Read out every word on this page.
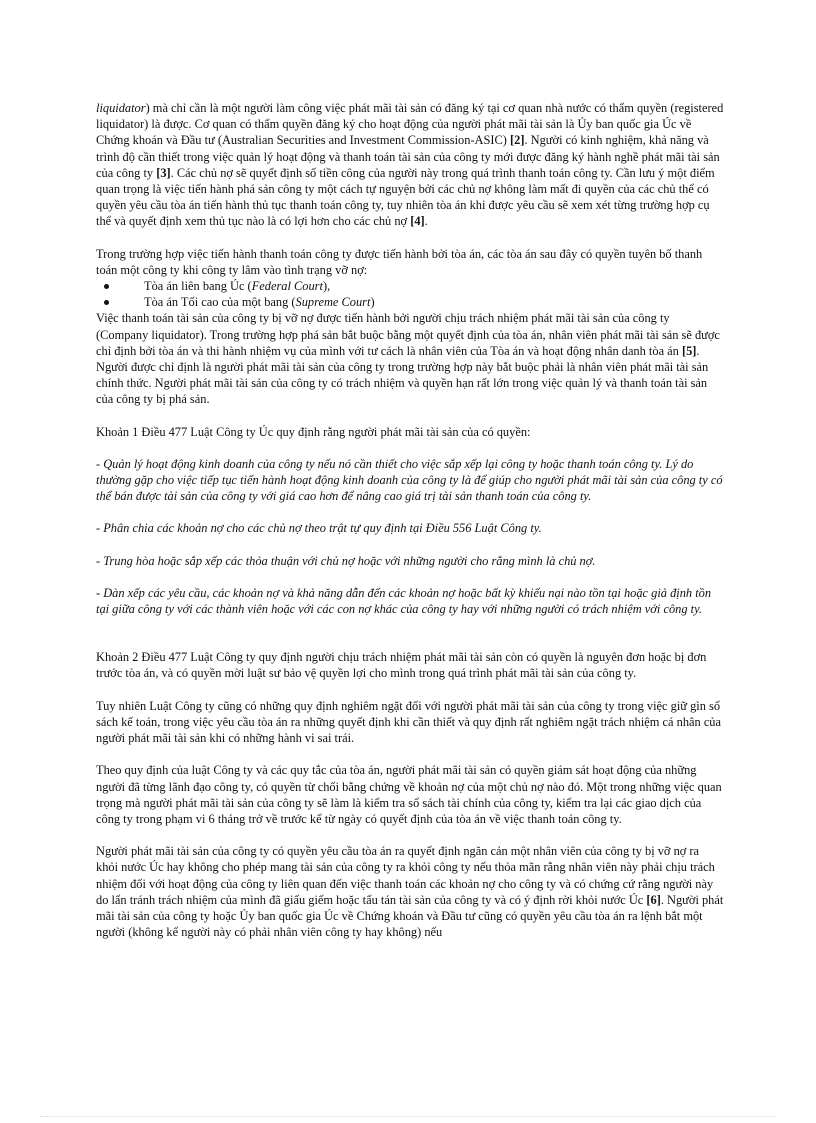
liquidator) mà chỉ cần là một người làm công việc phát mãi tài sản có đăng ký tại cơ quan nhà nước có thẩm quyền (registered liquidator) là được. Cơ quan có thẩm quyền đăng ký cho hoạt động của người phát mãi tài sản là Ủy ban quốc gia Úc về Chứng khoán và Đầu tư (Australian Securities and Investment Commission-ASIC) [2]. Người có kinh nghiệm, khả năng và trình độ cần thiết trong việc quản lý hoạt động và thanh toán tài sản của công ty mới được đăng ký hành nghề phát mãi tài sản của công ty [3]. Các chủ nợ sẽ quyết định số tiền công của người này trong quá trình thanh toán công ty. Cần lưu ý một điểm quan trọng là việc tiến hành phá sản công ty một cách tự nguyện bởi các chủ nợ không làm mất đi quyền của các chủ thể có quyền yêu cầu tòa án tiến hành thủ tục thanh toán công ty, tuy nhiên tòa án khi được yêu cầu sẽ xem xét từng trường hợp cụ thể và quyết định xem thủ tục nào là có lợi hơn cho các chủ nợ [4].

Trong trường hợp việc tiến hành thanh toán công ty được tiến hành bởi tòa án, các tòa án sau đây có quyền tuyên bố thanh toán một công ty khi công ty lâm vào tình trạng vỡ nợ:

Tòa án liên bang Úc (Federal Court),
Tòa án Tối cao của một bang (Supreme Court)

Việc thanh toán tài sản của công ty bị vỡ nợ được tiến hành bởi người chịu trách nhiệm phát mãi tài sản của công ty (Company liquidator). Trong trường hợp phá sản bắt buộc bằng một quyết định của tòa án, nhân viên phát mãi tài sản sẽ được chỉ định bởi tòa án và thi hành nhiệm vụ của mình với tư cách là nhân viên của Tòa án và hoạt động nhân danh tòa án [5]. Người được chỉ định là người phát mãi tài sản của công ty trong trường hợp này bắt buộc phải là nhân viên phát mãi tài sản chính thức. Người phát mãi tài sản của công ty có trách nhiệm và quyền hạn rất lớn trong việc quản lý và thanh toán tài sản của công ty bị phá sản.

Khoản 1 Điều 477 Luật Công ty Úc quy định rằng người phát mãi tài sản của có quyền:

- Quản lý hoạt động kinh doanh của công ty nếu nó cần thiết cho việc sắp xếp lại công ty hoặc thanh toán công ty. Lý do thường gặp cho việc tiếp tục tiến hành hoạt động kinh doanh của công ty là để giúp cho người phát mãi tài sản của công ty có thể bán được tài sản của công ty với giá cao hơn để nâng cao giá trị tài sản thanh toán của công ty.

- Phân chia các khoản nợ cho các chủ nợ theo trật tự quy định tại Điều 556 Luật Công ty.

- Trung hòa hoặc sắp xếp các thỏa thuận với chủ nợ hoặc với những người cho rằng mình là chủ nợ.

- Dàn xếp các yêu cầu, các khoản nợ và khả năng dẫn đến các khoản nợ hoặc bất kỳ khiếu nại nào tồn tại hoặc giả định tồn tại giữa công ty với các thành viên hoặc với các con nợ khác của công ty hay với những người có trách nhiệm với công ty.

Khoản 2 Điều 477 Luật Công ty quy định người chịu trách nhiệm phát mãi tài sản còn có quyền là nguyên đơn hoặc bị đơn trước tòa án, và có quyền mời luật sư bảo vệ quyền lợi cho mình trong quá trình phát mãi tài sản của công ty.

Tuy nhiên Luật Công ty cũng có những quy định nghiêm ngặt đối với người phát mãi tài sản của công ty trong việc giữ gìn sổ sách kế toán, trong việc yêu cầu tòa án ra những quyết định khi cần thiết và quy định rất nghiêm ngặt trách nhiệm cá nhân của người phát mãi tài sản khi có những hành vi sai trái.

Theo quy định của luật Công ty và các quy tắc của tòa án, người phát mãi tài sản có quyền giám sát hoạt động của những người đã từng lãnh đạo công ty, có quyền từ chối bằng chứng về khoản nợ của một chủ nợ nào đó. Một trong những việc quan trọng mà người phát mãi tài sản của công ty sẽ làm là kiểm tra sổ sách tài chính của công ty, kiểm tra lại các giao dịch của công ty trong phạm vi 6 tháng trở về trước kể từ ngày có quyết định của tòa án về việc thanh toán công ty.

Người phát mãi tài sản của công ty có quyền yêu cầu tòa án ra quyết định ngăn cản một nhân viên của công ty bị vỡ nợ ra khỏi nước Úc hay không cho phép mang tài sản của công ty ra khỏi công ty nếu thỏa mãn rằng nhân viên này phải chịu trách nhiệm đối với hoạt động của công ty liên quan đến việc thanh toán các khoản nợ cho công ty và có chứng cứ rằng người này do lẩn tránh trách nhiệm của mình đã giấu giếm hoặc tẩu tán tài sản của công ty và có ý định rời khỏi nước Úc [6]. Người phát mãi tài sản của công ty hoặc Ủy ban quốc gia Úc về Chứng khoán và Đầu tư cũng có quyền yêu cầu tòa án ra lệnh bắt một người (không kể người này có phải nhân viên công ty hay không) nếu
